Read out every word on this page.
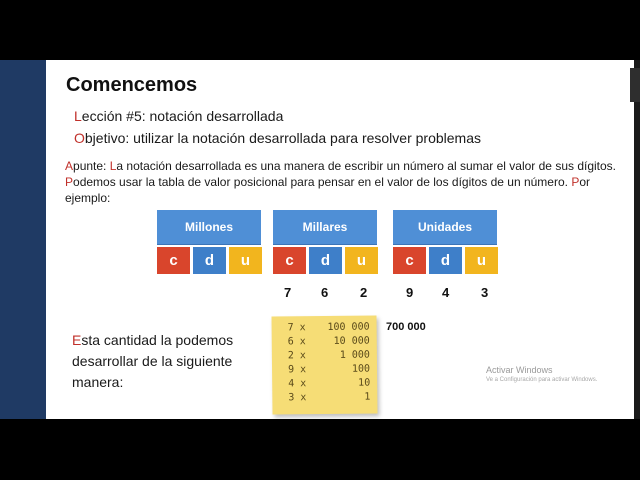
Comencemos
Lección #5: notación desarrollada
Objetivo: utilizar la notación desarrollada para resolver problemas
Apunte: La notación desarrollada es una manera de escribir un número al sumar el valor de sus dígitos. Podemos usar la tabla de valor posicional para pensar en el valor de los dígitos de un número. Por ejemplo:
Millones
c	d	u
Millares
c	d	u
Unidades
c	d	u
7 6 2	9 4 3
Esta cantidad la podemos desarrollar de la siguiente manera:
7 x 100 000
6 x	10 000
2 x	1 000
9 x	100
4 x	10
3 x	1
700 000
Activar Windows
Ve a Configuración para activar Windows.
